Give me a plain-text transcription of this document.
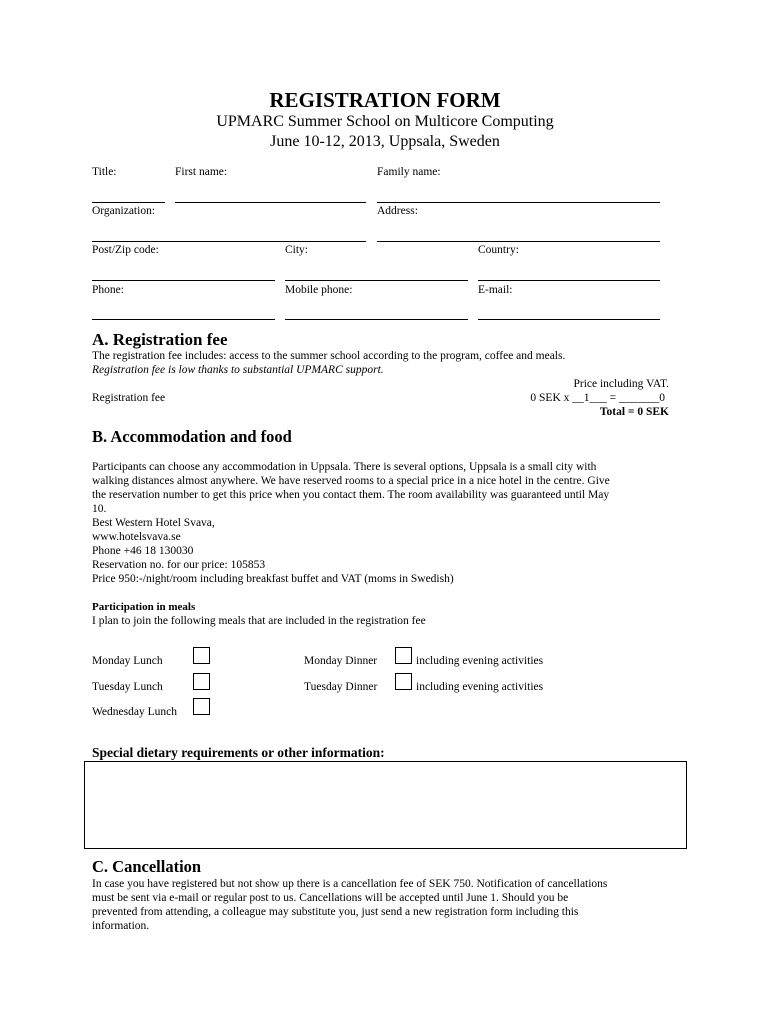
REGISTRATION FORM
UPMARC Summer School on Multicore Computing
June 10-12, 2013, Uppsala, Sweden
Title:	First name:	Family name:
Organization:	Address:
Post/Zip code:	City:	Country:
Phone:	Mobile phone:	E-mail:
A. Registration fee
The registration fee includes: access to the summer school according to the program, coffee and meals.
Registration fee is low thanks to substantial UPMARC support.
Price including VAT.
Registration fee	0 SEK x __1___ = _______0
Total = 0 SEK
B. Accommodation and food
Participants can choose any accommodation in Uppsala. There is several options, Uppsala is a small city with
walking distances almost anywhere. We have reserved rooms to a special price in a nice hotel in the centre. Give
the reservation number to get this price when you contact them. The room availability was guaranteed until May
10.
Best Western Hotel Svava,
www.hotelsvava.se
Phone +46 18 130030
Reservation no. for our price: 105853
Price 950:-/night/room including breakfast buffet and VAT (moms in Swedish)
Participation in meals
I plan to join the following meals that are included in the registration fee
Monday Lunch	Monday Dinner	including evening activities
Tuesday Lunch	Tuesday Dinner	including evening activities
Wednesday Lunch
Special dietary requirements or other information:
C. Cancellation
In case you have registered but not show up there is a cancellation fee of SEK 750. Notification of cancellations
must be sent via e-mail or regular post to us. Cancellations will be accepted until June 1. Should you be
prevented from attending, a colleague may substitute you, just send a new registration form including this
information.
